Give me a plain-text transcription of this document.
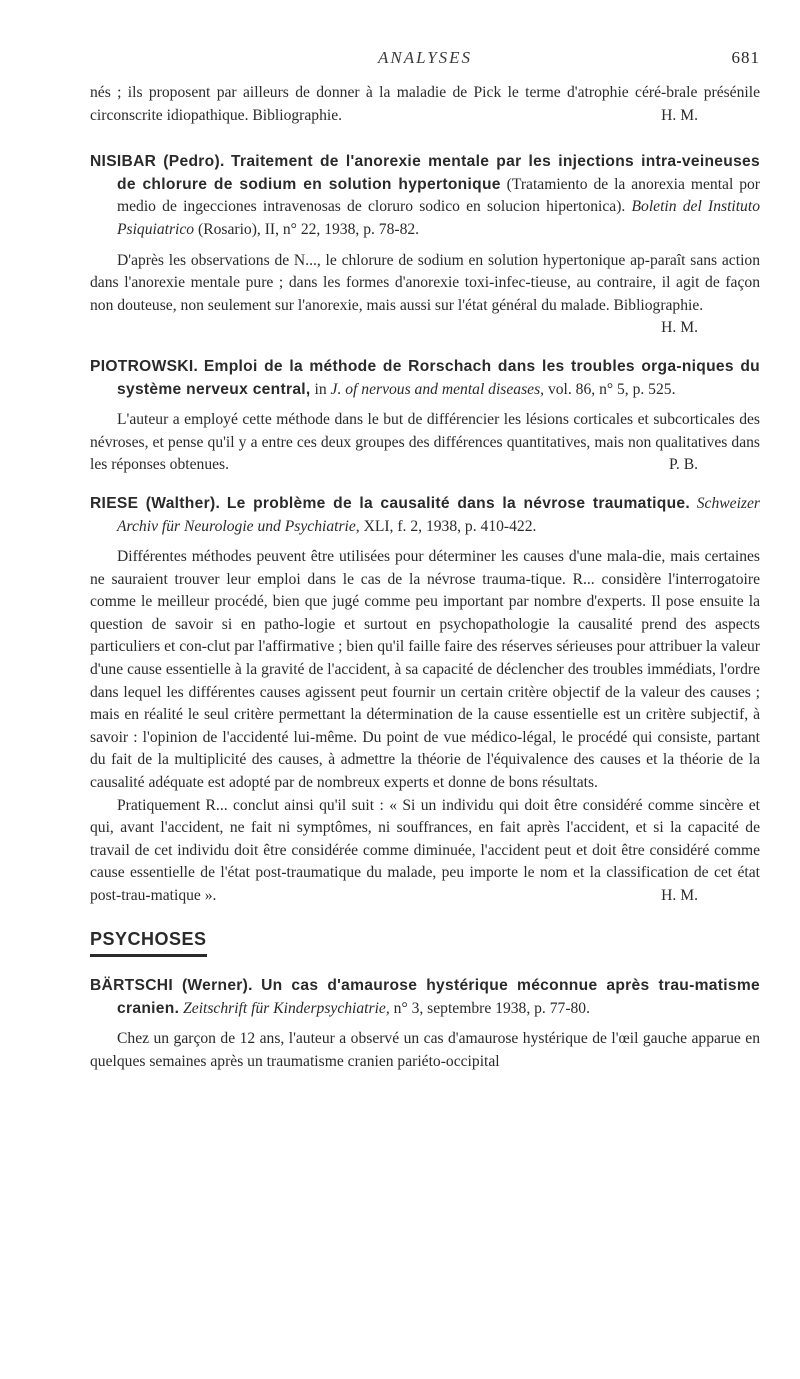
ANALYSES	681

nés ; ils proposent par ailleurs de donner à la maladie de Pick le terme d'atrophie céré-brale présénile circonscrite idiopathique. Bibliographie.	H. M.

NISIBAR (Pedro). Traitement de l'anorexie mentale par les injections intra-veineuses de chlorure de sodium en solution hypertonique (Tratamiento de la anorexia mental por medio de ingecciones intravenosas de cloruro sodico en solucion hipertonica). Boletin del Instituto Psiquiatrico (Rosario), II, n° 22, 1938, p. 78-82.

D'après les observations de N..., le chlorure de sodium en solution hypertonique ap-paraît sans action dans l'anorexie mentale pure ; dans les formes d'anorexie toxi-infec-tieuse, au contraire, il agit de façon non douteuse, non seulement sur l'anorexie, mais aussi sur l'état général du malade. Bibliographie.
H. M.

PIOTROWSKI. Emploi de la méthode de Rorschach dans les troubles orga-niques du système nerveux central, in J. of nervous and mental diseases, vol. 86, n° 5, p. 525.

L'auteur a employé cette méthode dans le but de différencier les lésions corticales et subcorticales des névroses, et pense qu'il y a entre ces deux groupes des différences quantitatives, mais non qualitatives dans les réponses obtenues.	P. B.

RIESE (Walther). Le problème de la causalité dans la névrose traumatique. Schweizer Archiv für Neurologie und Psychiatrie, XLI, f. 2, 1938, p. 410-422.

Différentes méthodes peuvent être utilisées pour déterminer les causes d'une mala-die, mais certaines ne sauraient trouver leur emploi dans le cas de la névrose trauma-tique. R... considère l'interrogatoire comme le meilleur procédé, bien que jugé comme peu important par nombre d'experts. Il pose ensuite la question de savoir si en patho-logie et surtout en psychopathologie la causalité prend des aspects particuliers et con-clut par l'affirmative ; bien qu'il faille faire des réserves sérieuses pour attribuer la valeur d'une cause essentielle à la gravité de l'accident, à sa capacité de déclencher des troubles immédiats, l'ordre dans lequel les différentes causes agissent peut fournir un certain critère objectif de la valeur des causes ; mais en réalité le seul critère permettant la détermination de la cause essentielle est un critère subjectif, à savoir : l'opinion de l'accidenté lui-même. Du point de vue médico-légal, le procédé qui consiste, partant du fait de la multiplicité des causes, à admettre la théorie de l'équivalence des causes et la théorie de la causalité adéquate est adopté par de nombreux experts et donne de bons résultats.

Pratiquement R... conclut ainsi qu'il suit : « Si un individu qui doit être considéré comme sincère et qui, avant l'accident, ne fait ni symptômes, ni souffrances, en fait après l'accident, et si la capacité de travail de cet individu doit être considérée comme diminuée, l'accident peut et doit être considéré comme cause essentielle de l'état post-traumatique du malade, peu importe le nom et la classification de cet état post-trau-matique ».	H. M.

PSYCHOSES

BÄRTSCHI (Werner). Un cas d'amaurose hystérique méconnue après trau-matisme cranien. Zeitschrift für Kinderpsychiatrie, n° 3, septembre 1938, p. 77-80.

Chez un garçon de 12 ans, l'auteur a observé un cas d'amaurose hystérique de l'œil gauche apparue en quelques semaines après un traumatisme cranien pariéto-occipital
